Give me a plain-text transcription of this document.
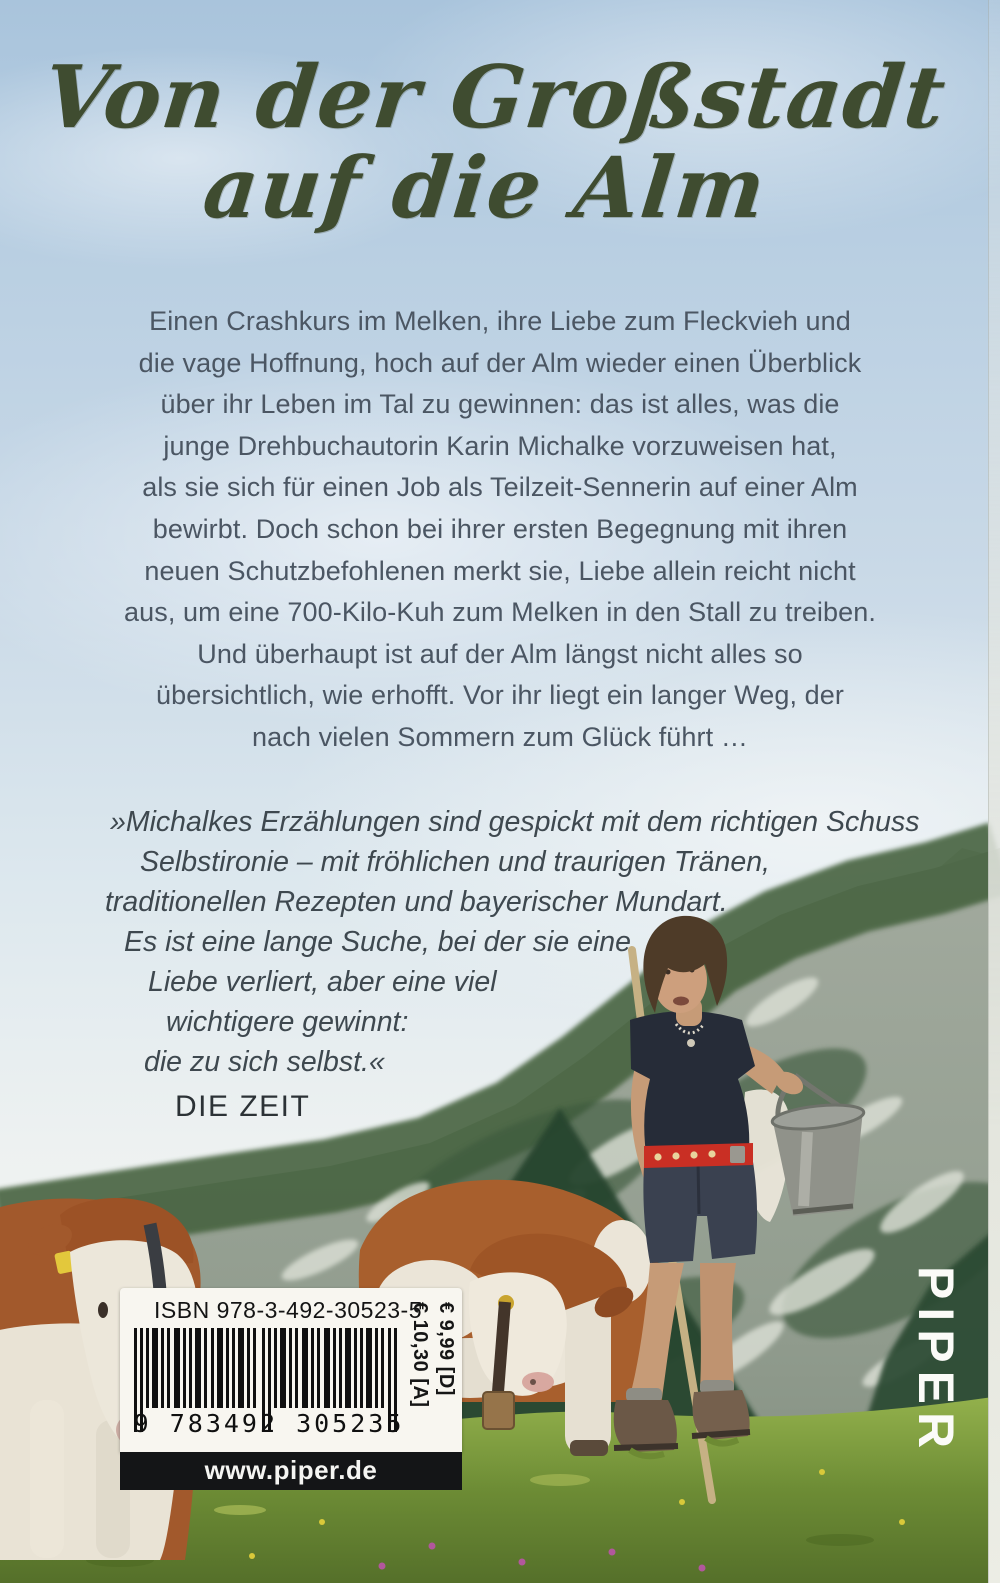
Von der Großstadt
auf die Alm
Einen Crashkurs im Melken, ihre Liebe zum Fleckvieh und
die vage Hoffnung, hoch auf der Alm wieder einen Überblick
über ihr Leben im Tal zu gewinnen: das ist alles, was die
junge Drehbuchautorin Karin Michalke vorzuweisen hat,
als sie sich für einen Job als Teilzeit-Sennerin auf einer Alm
bewirbt. Doch schon bei ihrer ersten Begegnung mit ihren
neuen Schutzbefohlenen merkt sie, Liebe allein reicht nicht
aus, um eine 700-Kilo-Kuh zum Melken in den Stall zu treiben.
Und überhaupt ist auf der Alm längst nicht alles so
übersichtlich, wie erhofft. Vor ihr liegt ein langer Weg, der
nach vielen Sommern zum Glück führt …
»Michalkes Erzählungen sind gespickt mit dem richtigen Schuss
Selbstironie – mit fröhlichen und traurigen Tränen,
traditionellen Rezepten und bayerischer Mundart.
Es ist eine lange Suche, bei der sie eine
Liebe verliert, aber eine viel
wichtigere gewinnt:
die zu sich selbst.«
DIE ZEIT
ISBN 978-3-492-30523-5
9 783492 305235
€ 9,99 [D]
€ 10,30 [A]
www.piper.de
PIPER
